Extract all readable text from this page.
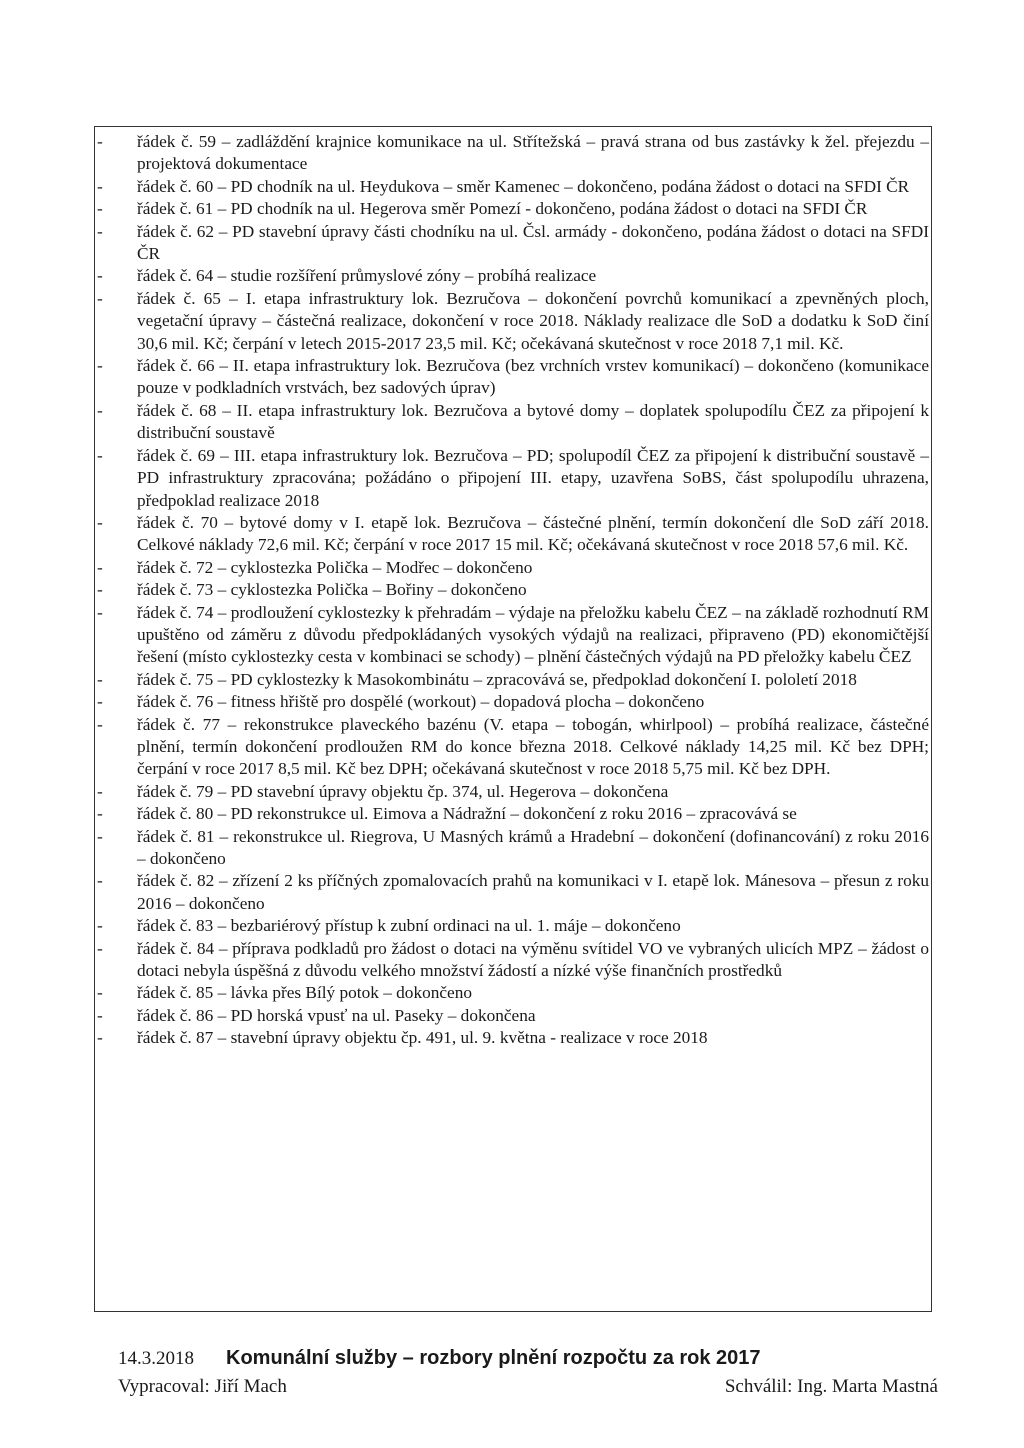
- řádek č. 59 – zadláždění krajnice komunikace na ul. Střítežská – pravá strana od bus zastávky k žel. přejezdu – projektová dokumentace
- řádek č. 60 – PD chodník na ul. Heydukova – směr Kamenec – dokončeno, podána žádost o dotaci na SFDI ČR
- řádek č. 61 – PD chodník na ul. Hegerova směr Pomezí - dokončeno, podána žádost o dotaci na SFDI ČR
- řádek č. 62 – PD stavební úpravy části chodníku na ul. Čsl. armády - dokončeno, podána žádost o dotaci na SFDI ČR
- řádek č. 64 – studie rozšíření průmyslové zóny – probíhá realizace
- řádek č. 65 – I. etapa infrastruktury lok. Bezručova – dokončení povrchů komunikací a zpevněných ploch, vegetační úpravy – částečná realizace, dokončení v roce 2018. Náklady realizace dle SoD a dodatku k SoD činí 30,6 mil. Kč; čerpání v letech 2015-2017 23,5 mil. Kč; očekávaná skutečnost v roce 2018 7,1 mil. Kč.
- řádek č. 66 – II. etapa infrastruktury lok. Bezručova (bez vrchních vrstev komunikací) – dokončeno (komunikace pouze v podkladních vrstvách, bez sadových úprav)
- řádek č. 68 – II. etapa infrastruktury lok. Bezručova a bytové domy – doplatek spolupodílu ČEZ za připojení k distribuční soustavě
- řádek č. 69 – III. etapa infrastruktury lok. Bezručova – PD; spolupodíl ČEZ za připojení k distribuční soustavě – PD infrastruktury zpracována; požádáno o připojení III. etapy, uzavřena SoBS, část spolupodílu uhrazena, předpoklad realizace 2018
- řádek č. 70 – bytové domy v I. etapě lok. Bezručova – částečné plnění, termín dokončení dle SoD září 2018. Celkové náklady 72,6 mil. Kč; čerpání v roce 2017 15 mil. Kč; očekávaná skutečnost v roce 2018 57,6 mil. Kč.
- řádek č. 72 – cyklostezka Polička – Modřec – dokončeno
- řádek č. 73 – cyklostezka Polička – Bořiny – dokončeno
- řádek č. 74 – prodloužení cyklostezky k přehradám – výdaje na přeložku kabelu ČEZ – na základě rozhodnutí RM upuštěno od záměru z důvodu předpokládaných vysokých výdajů na realizaci, připraveno (PD) ekonomičtější řešení (místo cyklostezky cesta v kombinaci se schody) – plnění částečných výdajů na PD přeložky kabelu ČEZ
- řádek č. 75 – PD cyklostezky k Masokombinátu – zpracovává se, předpoklad dokončení I. pololetí 2018
- řádek č. 76 – fitness hřiště pro dospělé (workout) – dopadová plocha – dokončeno
- řádek č. 77 – rekonstrukce plaveckého bazénu (V. etapa – tobogán, whirlpool) – probíhá realizace, částečné plnění, termín dokončení prodloužen RM do konce března 2018. Celkové náklady 14,25 mil. Kč bez DPH; čerpání v roce 2017 8,5 mil. Kč bez DPH; očekávaná skutečnost v roce 2018 5,75 mil. Kč bez DPH.
- řádek č. 79 – PD stavební úpravy objektu čp. 374, ul. Hegerova – dokončena
- řádek č. 80 – PD rekonstrukce ul. Eimova a Nádražní – dokončení z roku 2016 – zpracovává se
- řádek č. 81 – rekonstrukce ul. Riegrova, U Masných krámů a Hradební – dokončení (dofinancování) z roku 2016 – dokončeno
- řádek č. 82 – zřízení 2 ks příčných zpomalovacích prahů na komunikaci v I. etapě lok. Mánesova – přesun z roku 2016 – dokončeno
- řádek č. 83 – bezbariérový přístup k zubní ordinaci na ul. 1. máje – dokončeno
- řádek č. 84 – příprava podkladů pro žádost o dotaci na výměnu svítidel VO ve vybraných ulicích MPZ – žádost o dotaci nebyla úspěšná z důvodu velkého množství žádostí a nízké výše finančních prostředků
- řádek č. 85 – lávka přes Bílý potok – dokončeno
- řádek č. 86 – PD horská vpusť na ul. Paseky – dokončena
- řádek č. 87 – stavební úpravy objektu čp. 491, ul. 9. května - realizace v roce 2018
14.3.2018 Komunální služby – rozbory plnění rozpočtu za rok 2017
Vypracoval: Jiří Mach	Schválil: Ing. Marta Mastná
